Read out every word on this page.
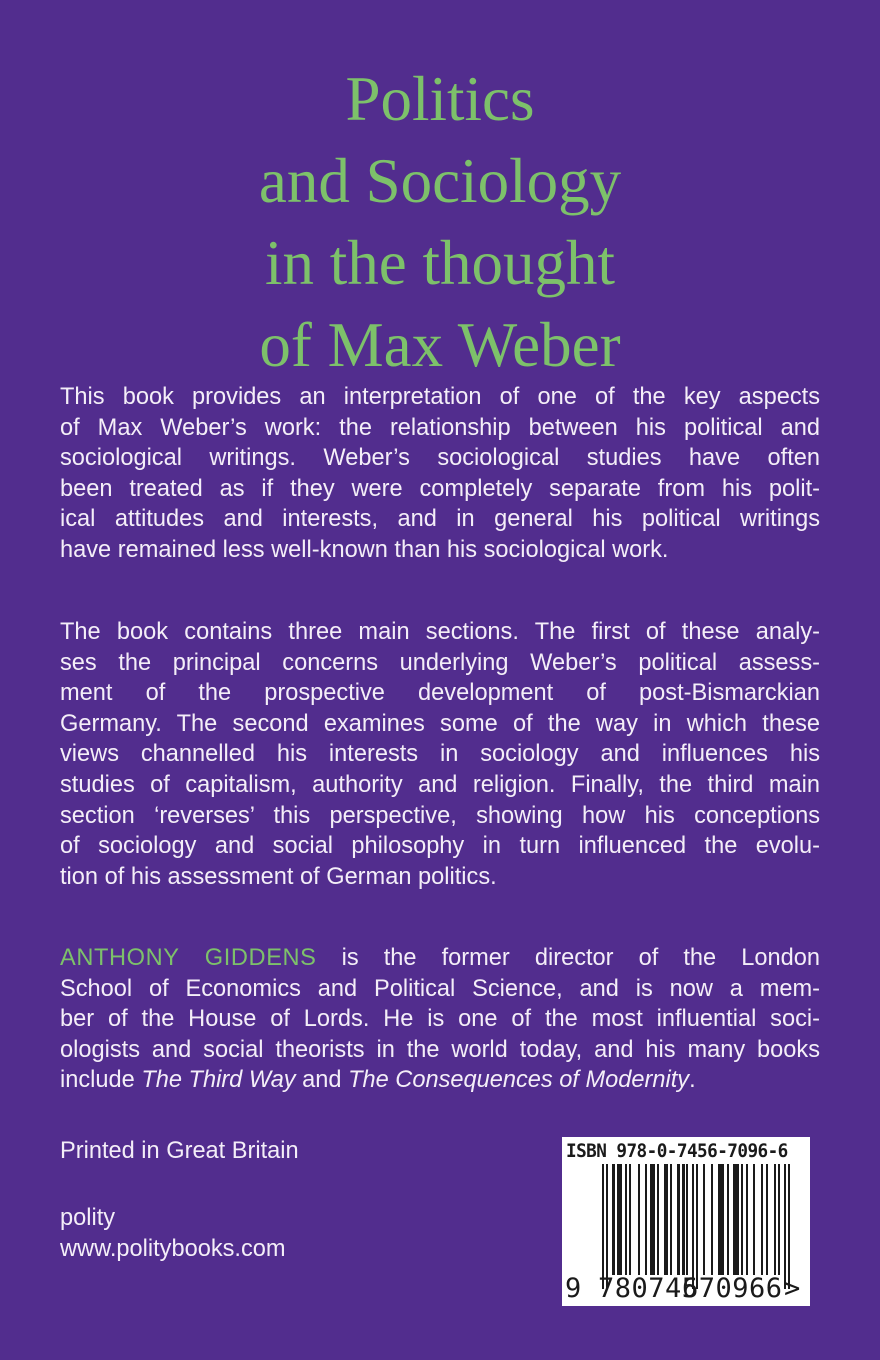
Politics
and Sociology
in the thought
of Max Weber

This book provides an interpretation of one of the key aspects
of Max Weber’s work: the relationship between his political and
sociological writings. Weber’s sociological studies have often
been treated as if they were completely separate from his polit-
ical attitudes and interests, and in general his political writings
have remained less well-known than his sociological work.

The book contains three main sections. The first of these analy-
ses the principal concerns underlying Weber’s political assess-
ment of the prospective development of post-Bismarckian
Germany. The second examines some of the way in which these
views channelled his interests in sociology and influences his
studies of capitalism, authority and religion. Finally, the third main
section ‘reverses’ this perspective, showing how his conceptions
of sociology and social philosophy in turn influenced the evolu-
tion of his assessment of German politics.

ANTHONY GIDDENS is the former director of the London
School of Economics and Political Science, and is now a mem-
ber of the House of Lords. He is one of the most influential soci-
ologists and social theorists in the world today, and his many books
include The Third Way and The Consequences of Modernity.

Printed in Great Britain

polity

www.politybooks.com

ISBN 978-0-7456-7096-6
9 780745
670966 >
